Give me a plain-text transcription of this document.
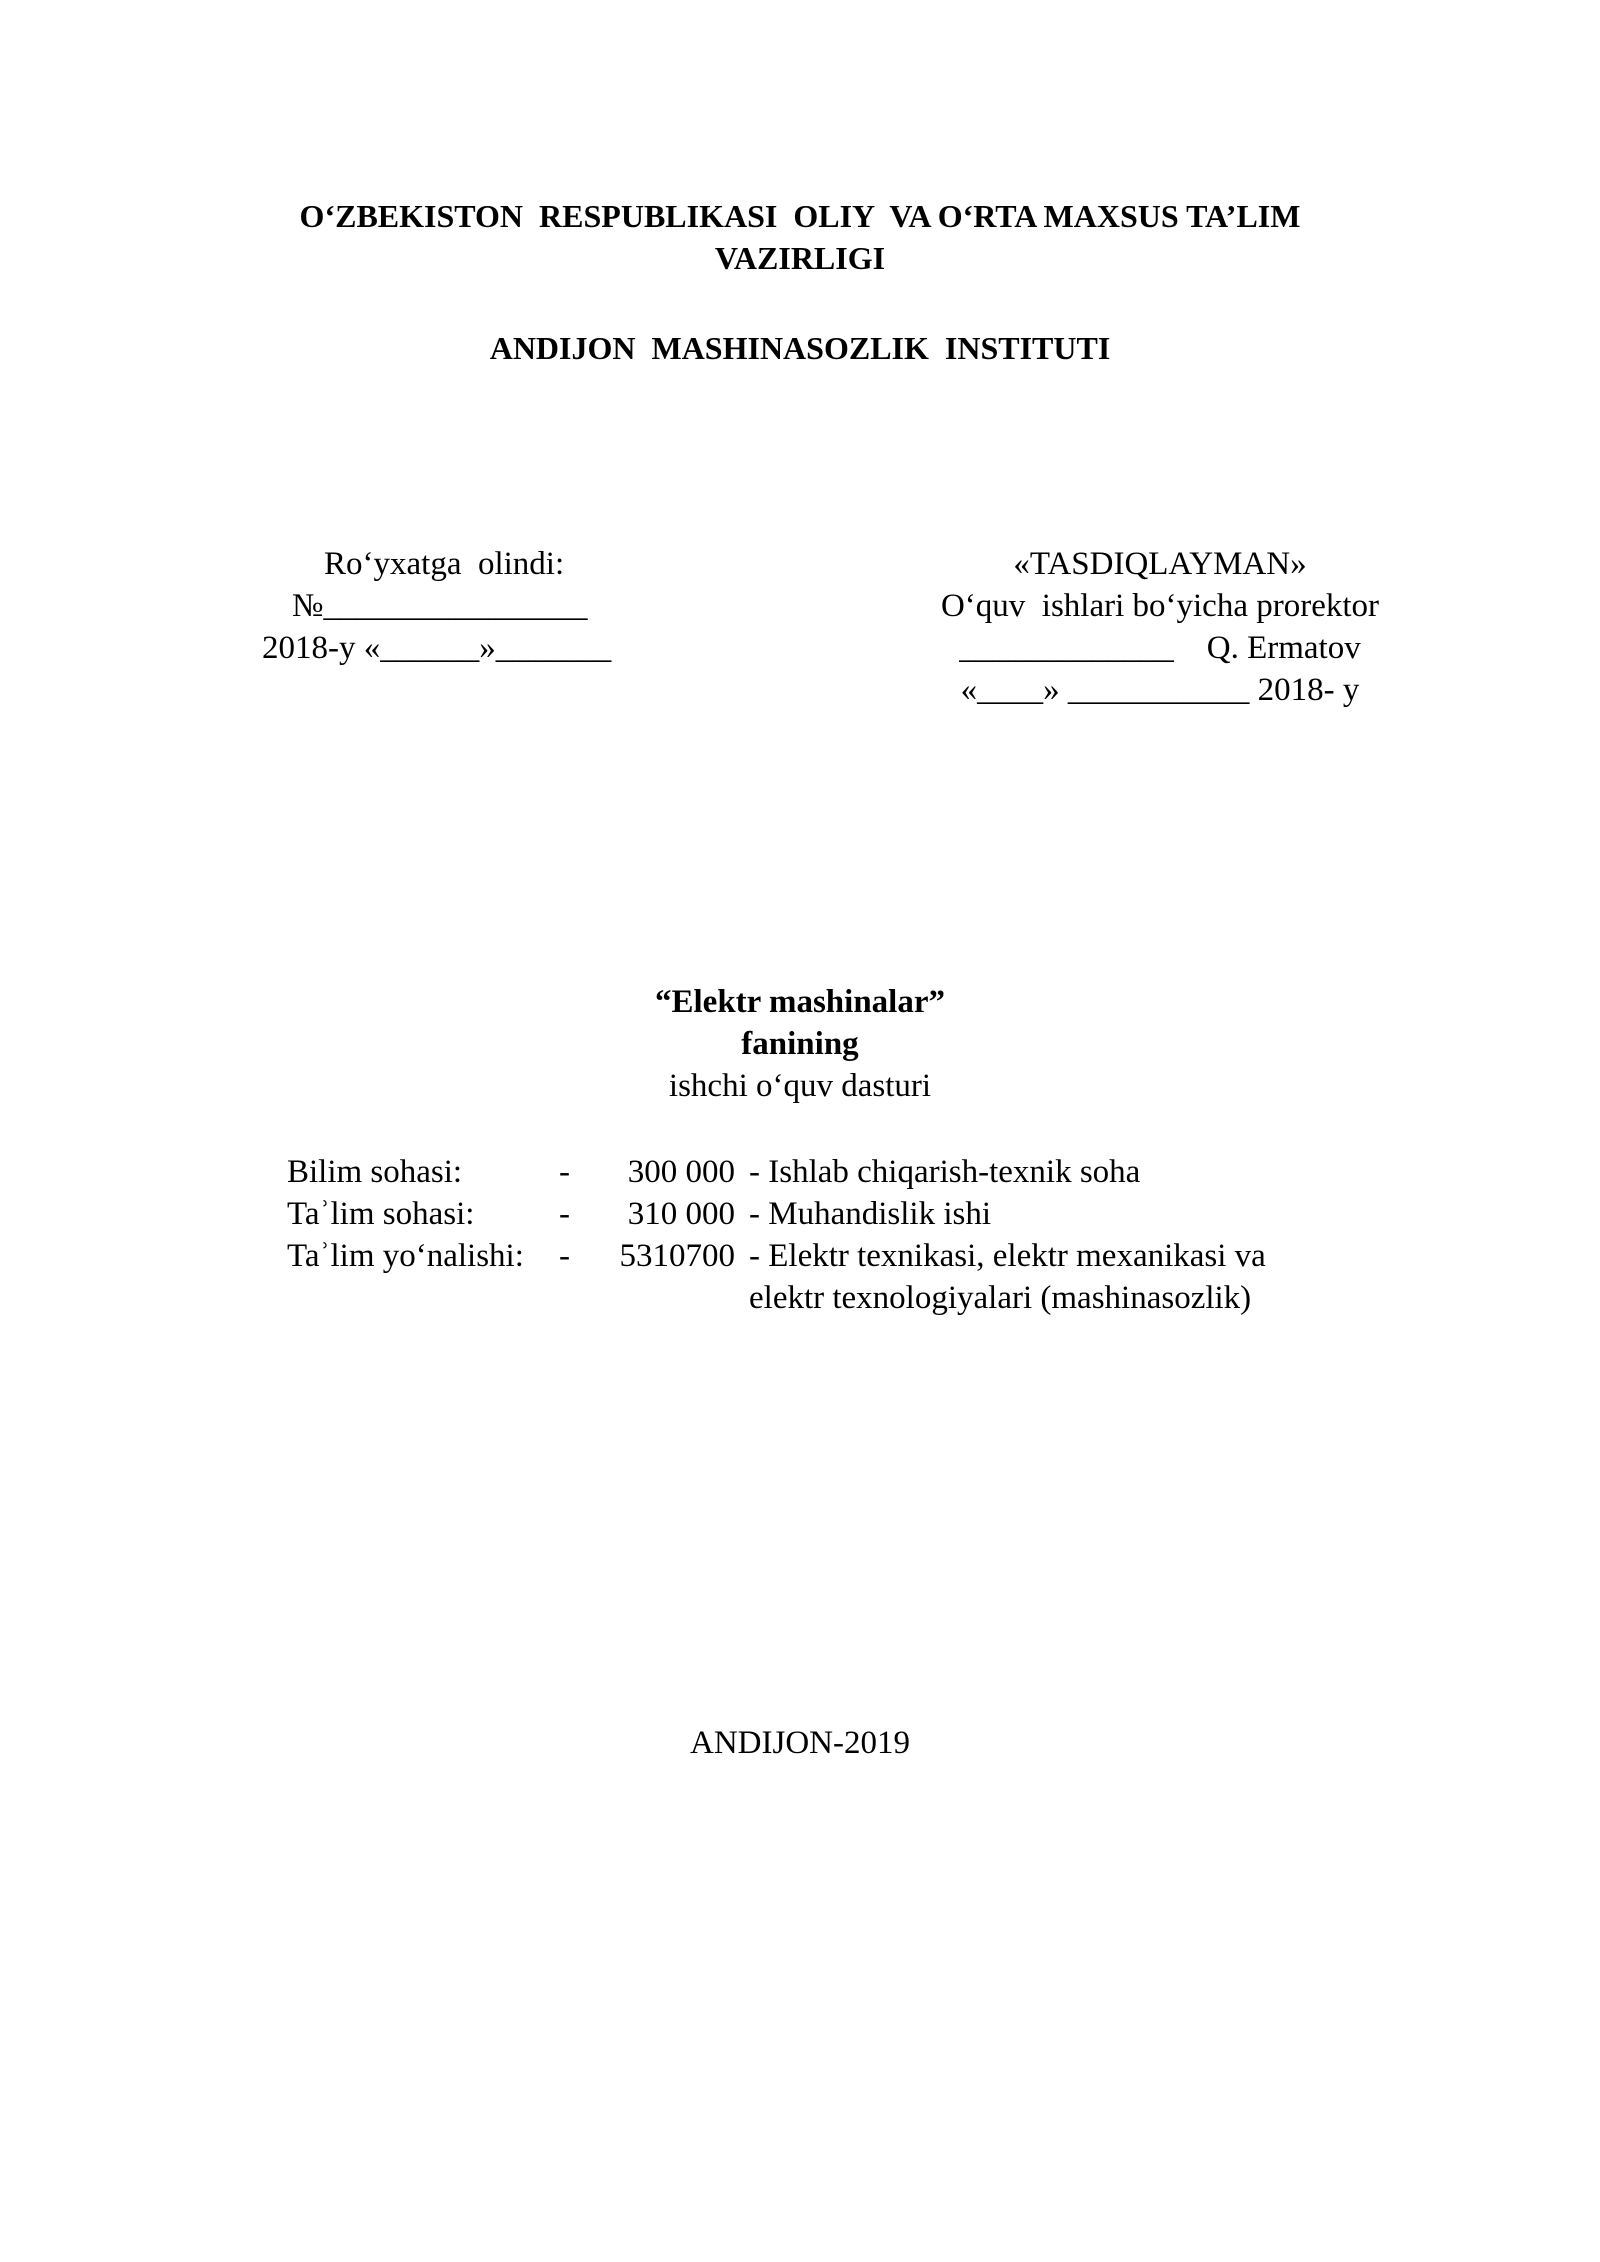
O‘ZBEKISTON  RESPUBLIKASI  OLIY  VA O‘RTA MAXSUS TA’LIM
VAZIRLIGI
ANDIJON  MASHINASOZLIK  INSTITUTI
Ro‘yxatga  olindi:
№________________
2018-y «______»_______
«TASDIQLAYMAN»
O‘quv  ishlari bo‘yicha prorektor
_____________    Q. Ermatov
«____» ___________ 2018- y
“Elektr mashinalar”
fanining
ishchi o‘quv dasturi
Bilim sohasi:	-	300 000 - Ishlab chiqarish-texnik soha
Taʾlim sohasi:	-	310 000 - Muhandislik ishi
Taʾlim yo‘nalishi:	-	5310700 - Elektr texnikasi, elektr mexanikasi va
elektr texnologiyalari (mashinasozlik)
ANDIJON-2019
